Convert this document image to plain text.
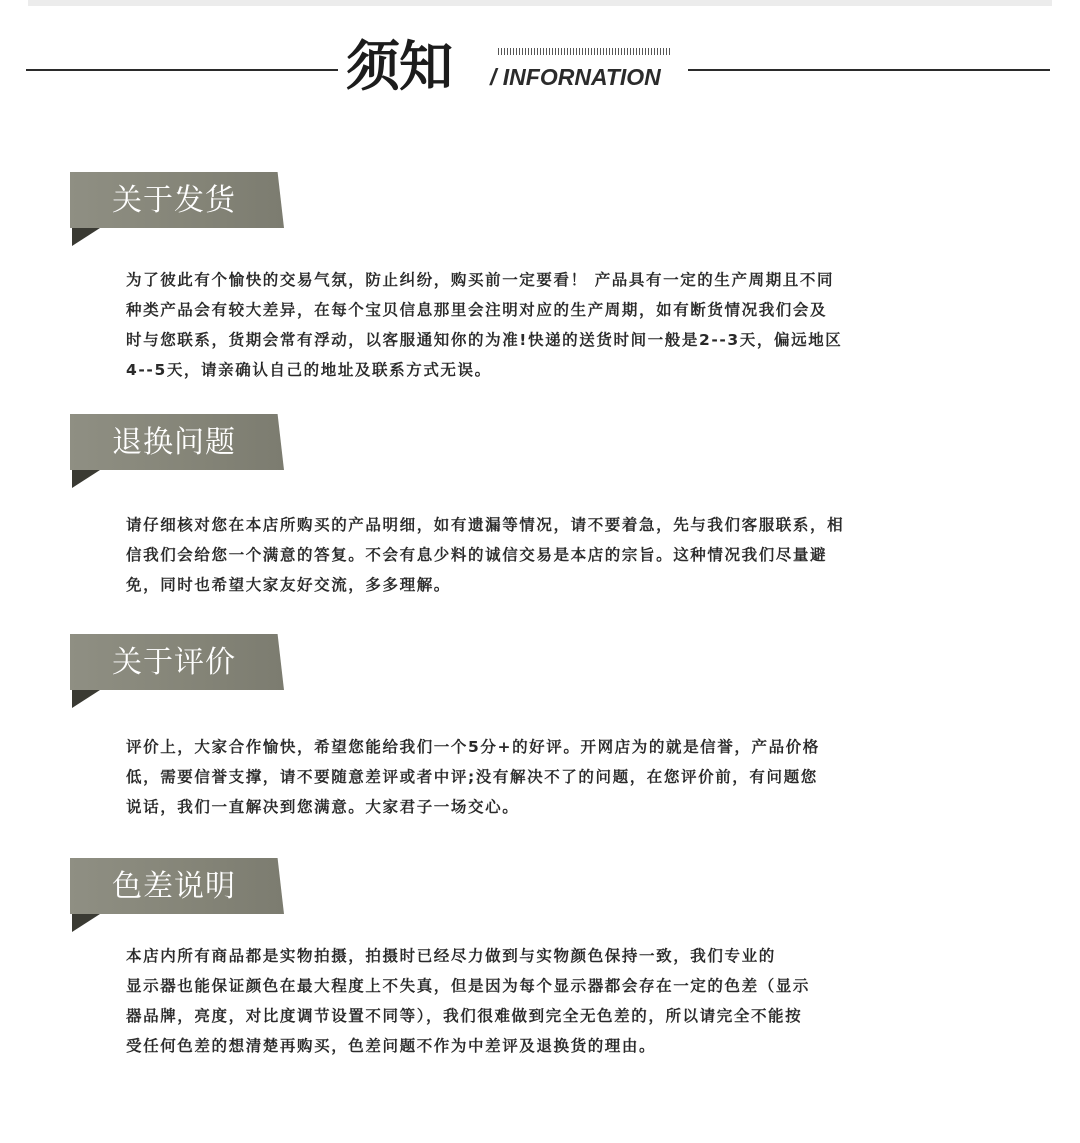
须知 / INFORNATION
关于发货

为了彼此有个愉快的交易气氛，防止纠纷，购买前一定要看！ 产品具有一定的生产周期且不同
种类产品会有较大差异，在每个宝贝信息那里会注明对应的生产周期，如有断货情况我们会及
时与您联系，货期会常有浮动，以客服通知你的为准!快递的送货时间一般是2--3天，偏远地区
4--5天，请亲确认自己的地址及联系方式无误。

退换问题

请仔细核对您在本店所购买的产品明细，如有遗漏等情况，请不要着急，先与我们客服联系，相
信我们会给您一个满意的答复。不会有息少料的诚信交易是本店的宗旨。这种情况我们尽量避
免，同时也希望大家友好交流，多多理解。

关于评价

评价上，大家合作愉快，希望您能给我们一个5分+的好评。开网店为的就是信誉，产品价格
低，需要信誉支撑，请不要随意差评或者中评;没有解决不了的问题，在您评价前，有问题您
说话，我们一直解决到您满意。大家君子一场交心。

色差说明

本店内所有商品都是实物拍摄，拍摄时已经尽力做到与实物颜色保持一致，我们专业的
显示器也能保证颜色在最大程度上不失真，但是因为每个显示器都会存在一定的色差（显示
器品牌，亮度，对比度调节设置不同等），我们很难做到完全无色差的，所以请完全不能按
受任何色差的想清楚再购买，色差问题不作为中差评及退换货的理由。
